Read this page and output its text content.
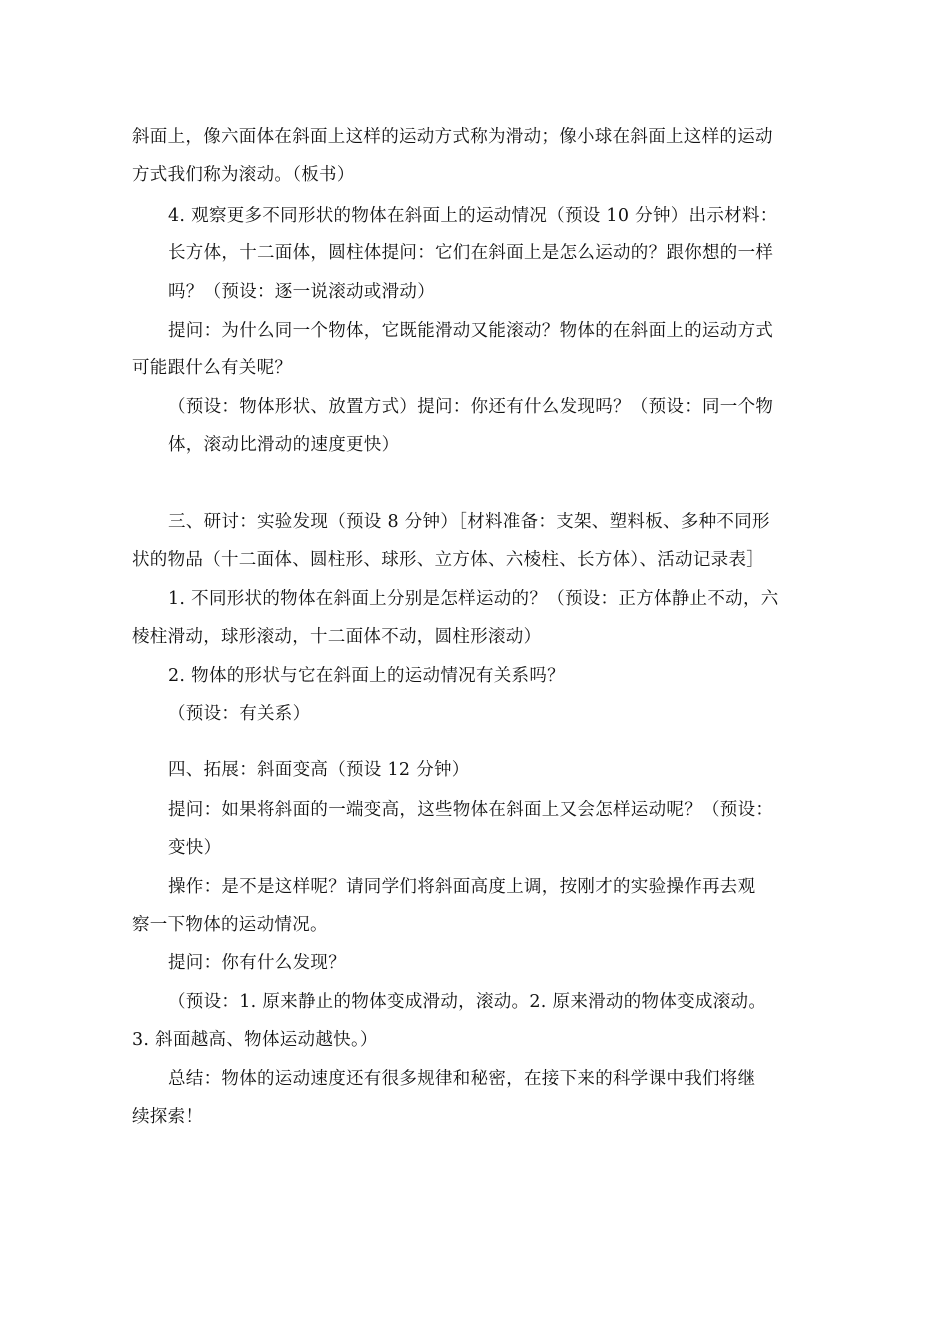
斜面上，像六面体在斜面上这样的运动方式称为滑动；像小球在斜面上这样的运动
方式我们称为滚动。（板书）
4. 观察更多不同形状的物体在斜面上的运动情况（预设 10 分钟）出示材料：
长方体，十二面体，圆柱体提问：它们在斜面上是怎么运动的？跟你想的一样
吗？（预设：逐一说滚动或滑动）
提问：为什么同一个物体，它既能滑动又能滚动？物体的在斜面上的运动方式
可能跟什么有关呢？
（预设：物体形状、放置方式）提问：你还有什么发现吗？（预设：同一个物
体，滚动比滑动的速度更快）
三、研讨：实验发现（预设 8 分钟）［材料准备：支架、塑料板、多种不同形
状的物品（十二面体、圆柱形、球形、立方体、六棱柱、长方体）、活动记录表］
1. 不同形状的物体在斜面上分别是怎样运动的？（预设：正方体静止不动，六
棱柱滑动，球形滚动，十二面体不动，圆柱形滚动）
2. 物体的形状与它在斜面上的运动情况有关系吗？
（预设：有关系）
四、拓展：斜面变高（预设 12 分钟）
提问：如果将斜面的一端变高，这些物体在斜面上又会怎样运动呢？（预设：
变快）
操作：是不是这样呢？请同学们将斜面高度上调，按刚才的实验操作再去观
察一下物体的运动情况。
提问：你有什么发现？
（预设：1. 原来静止的物体变成滑动，滚动。2. 原来滑动的物体变成滚动。
3. 斜面越高、物体运动越快。）
总结：物体的运动速度还有很多规律和秘密，在接下来的科学课中我们将继
续探索！
